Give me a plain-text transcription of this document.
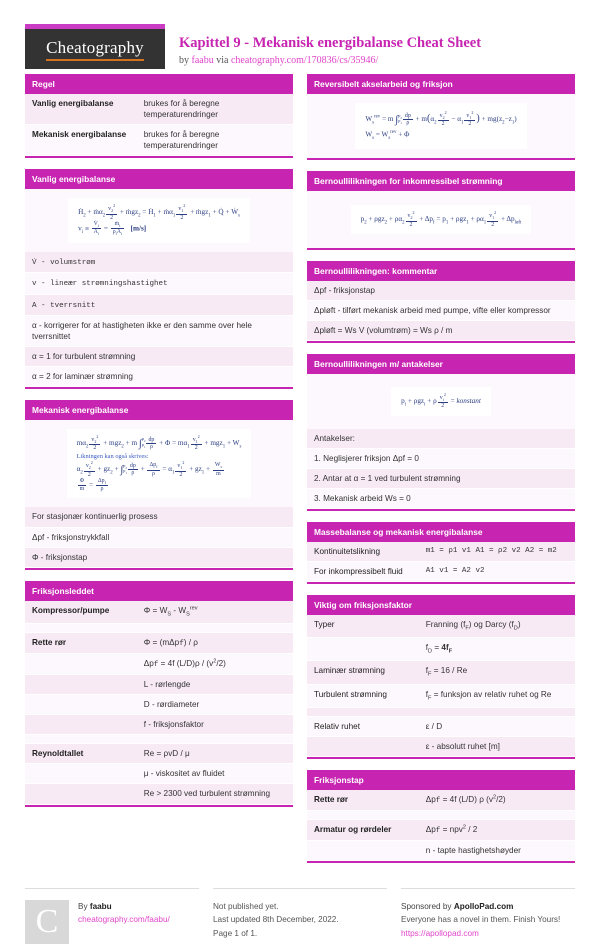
Cheatography Kapittel 9 - Mekanisk energibalanse Cheat Sheet
by faabu via cheatography.com/170836/cs/35946/
Regel
Vanlig energibalanse	brukes for å beregne temperaturendringer
Mekanisk energibalanse	brukes for å beregne temperaturendringer
Vanlig energibalanse
Ḣ$_2$ + ṁα$_2$ $\frac{v_2^2}{2}$ + ṁgz$_2$ = Ḣ$_1$ + ṁα$_1$ $\frac{v_1^2}{2}$ + ṁgz$_1$ + Q̇ + Ẇ$_s$
$v_i \equiv \frac{V̇_i}{A_i} = \frac{ṁ_i}{\rho_iA_i} [m/s]$
V̇ - volumstrøm
v - lineær strømningshastighet
A - tverrsnitt
α - korrigerer for at hastigheten ikke er den samme over hele tverrsnittet
α = 1 for turbulent strømning
α = 2 for laminær strømning
Mekanisk energibalanse
$m\alpha_2 \frac{v_2^2}{2} + mgz_2 + m$ $\int p_2$
$p_1 \frac{dp}{\rho} + \Phi = m\alpha_1 \frac{v_1^2}{2} + mgz_1 + W_s$
Likningen kan også skrives:
$\alpha_2 \frac{v_2^2}{2} + gz_2 + \int p_2$
$p_1 \frac{dp}{\rho} + \frac{\Delta p_f}{\rho} = \alpha_1 \frac{v_1^2}{2} + gz_1 + \frac{W_s}{m}$
$\frac{\Phi}{m} = \frac{\Delta p_f}{\rho}$
For stasjonær kontinuerlig prosess
Δpf - friksjonstrykkfall
Φ - friksjonstap
Friksjonsleddet
Kompressor/pumpe	$\Phi = W_S - W_S^{rev}$
Rette rør	Φ = (mΔpf) / ρ
Δpf = 4f $(L/D)\rho / (v^2/2)$
L - rørlengde
D - rørdiameter
f - friksjonsfaktor
Reynoldtallet	Re = ρvD / μ
μ - viskositet av fluidet
Re > 2300 ved turbulent strømning
Reversibelt akselarbeid og friksjon
$W_s^{rev} = m$ $\int p_2$
$p_1 \frac{dp}{\rho} + m(\alpha_2 \frac{v_2^2}{2} - \alpha_1 \frac{v_1^2}{2}$ ) + $mg(z_2-z_1)$
$W_s = W_s^{rev} + \Phi$
Bernoullilikningen for inkomressibel strømning
$p_2 + \rho gz_2 + \rho\alpha_2 \frac{v_2^2}{2} + \Delta p_f = p_1 + \rho gz_1 + \rho\alpha_1 \frac{v_1^2}{2} + \Delta p_{løft}$
Bernoullilikningen: kommentar
Δpf - friksjonstap
Δpløft - tilført mekanisk arbeid med pumpe, vifte eller kompressor
Δpløft = Ws V (volumtrøm) = Ws ρ / m
Bernoullilikningen m/ antakelser
$p_i + \rho gz_i + \rho \frac{v_i^2}{2}$ = konstant
Antakelser:
1. Neglisjerer friksjon Δpf = 0
2. Antar at α = 1 ved turbulent strømning
3. Mekanisk arbeid Ws = 0
Massebalanse og mekanisk energibalanse
Kontinuitetslikning	m1 = ρ1 v1 A1 = ρ2 v2 A2 = m2
For inkompressibelt fluid	A1 v1 = A2 v2
Viktig om friksjonsfaktor
Typer	Franning $(f_F)$ og Darcy $(f_D)$
$f_D = 4f_F$
Laminær strømning	$f_F = 16 / Re$
Turbulent strømning	$f_F$ = funksjon av relativ ruhet og Re
Relativ ruhet	ε / D
ε - absolutt ruhet [m]
Friksjonstap
Rette rør	Δpf = 4f (L/D) ρ $(v^2/2)$
Armatur og rørdeler	Δpf = npv$^2$ / 2
n - tapte hastighetshøyder
C	By faabu
cheatography.com/faabu/
Not published yet.
Last updated 8th December, 2022.
Page 1 of 1.
Sponsored by ApolloPad.com
Everyone has a novel in them. Finish Yours!
https://apollopad.com
